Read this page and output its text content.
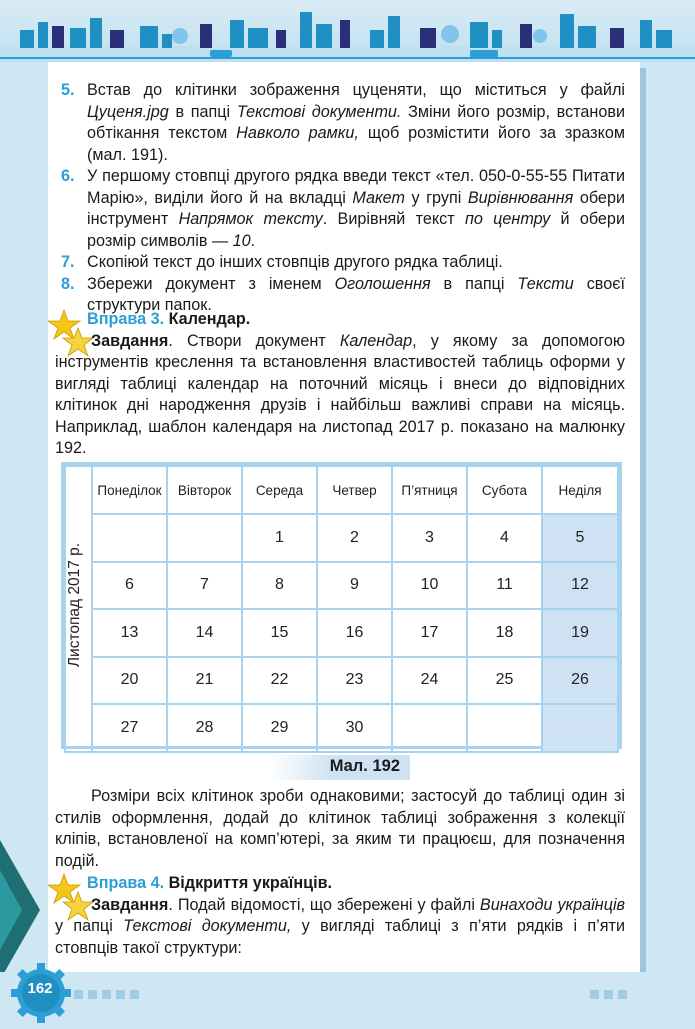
5. Встав до клітинки зображення цуценяти, що міститься у файлі Цуценя.jpg в папці Текстові документи. Зміни його розмір, встанови обтікання текстом Навколо рамки, щоб розмістити його за зразком (мал. 191).
6. У першому стовпці другого рядка введи текст «тел. 050-0-55-55 Питати Марію», виділи його й на вкладці Макет у групі Вирівнювання обери інструмент Напрямок тексту. Вирівняй текст по центру й обери розмір символів — 10.
7. Скопіюй текст до інших стовпців другого рядка таблиці.
8. Збережи документ з іменем Оголошення в папці Тексти своєї структури папок.
Вправа 3. Календар.
Завдання. Створи документ Календар, у якому за допомогою інструментів креслення та встановлення властивостей таблиць оформи у вигляді таблиці календар на поточний місяць і внеси до відповідних клітинок дні народження друзів і найбільш важливі справи на місяць. Наприклад, шаблон календаря на листопад 2017 р. показано на малюнку 192.
	Понеділок	Вівторок	Середа	Четвер	П’ятниця	Субота	Неділя
			1	2	3	4	5
	6	7	8	9	10	11	12
	13	14	15	16	17	18	19
	20	21	22	23	24	25	26
	27	28	29	30			
Листопад 2017 р.
Мал. 192
Розміри всіх клітинок зроби однаковими; застосуй до таблиці один зі стилів оформлення, додай до клітинок таблиці зображення з колекції кліпів, встановленої на комп’ютері, за яким ти працюєш, для позначення подій.
Вправа 4. Відкриття українців.
Завдання. Подай відомості, що збережені у файлі Винаходи українців у папці Текстові документи, у вигляді таблиці з п’яти рядків і п’яти стовпців такої структури:
162
